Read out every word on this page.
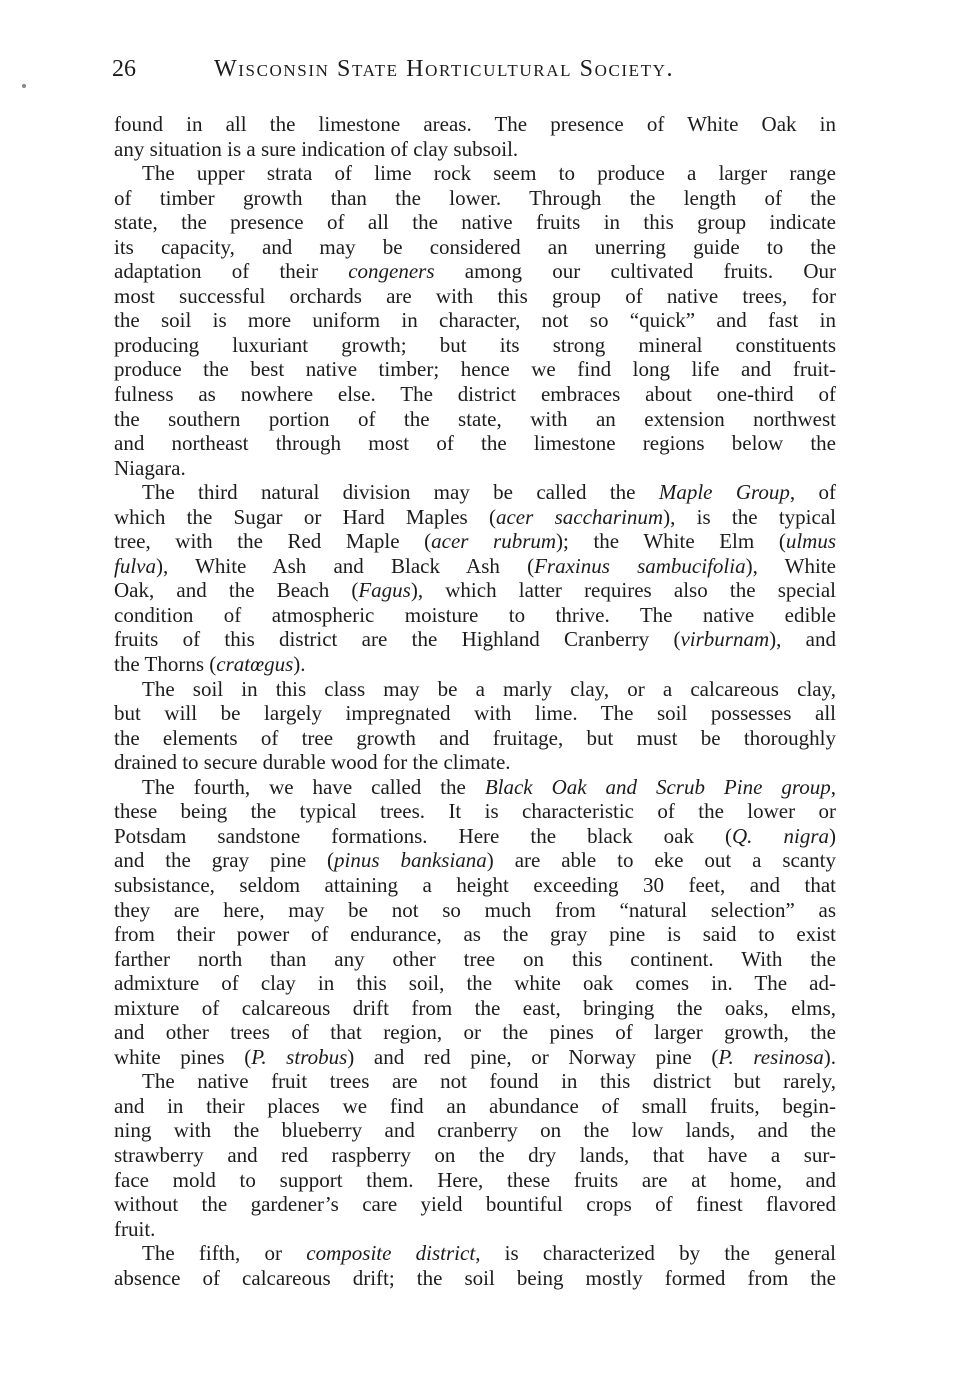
26	Wisconsin State Horticultural Society.
found in all the limestone areas. The presence of White Oak in
any situation is a sure indication of clay subsoil.
The upper strata of lime rock seem to produce a larger range
of timber growth than the lower. Through the length of the
state, the presence of all the native fruits in this group indicate
its capacity, and may be considered an unerring guide to the
adaptation of their congeners among our cultivated fruits. Our
most successful orchards are with this group of native trees, for
the soil is more uniform in character, not so “quick” and fast in
producing luxuriant growth; but its strong mineral constituents
produce the best native timber; hence we find long life and fruit-
fulness as nowhere else. The district embraces about one-third of
the southern portion of the state, with an extension northwest
and northeast through most of the limestone regions below the
Niagara.
The third natural division may be called the Maple Group, of
which the Sugar or Hard Maples (acer saccharinum), is the typical
tree, with the Red Maple (acer rubrum); the White Elm (ulmus
fulva), White Ash and Black Ash (Fraxinus sambucifolia), White
Oak, and the Beach (Fagus), which latter requires also the special
condition of atmospheric moisture to thrive. The native edible
fruits of this district are the Highland Cranberry (virburnam), and
the Thorns (cratœgus).
The soil in this class may be a marly clay, or a calcareous clay,
but will be largely impregnated with lime. The soil possesses all
the elements of tree growth and fruitage, but must be thoroughly
drained to secure durable wood for the climate.
The fourth, we have called the Black Oak and Scrub Pine group,
these being the typical trees. It is characteristic of the lower or
Potsdam sandstone formations. Here the black oak (Q. nigra)
and the gray pine (pinus banksiana) are able to eke out a scanty
subsistance, seldom attaining a height exceeding 30 feet, and that
they are here, may be not so much from “natural selection” as
from their power of endurance, as the gray pine is said to exist
farther north than any other tree on this continent. With the
admixture of clay in this soil, the white oak comes in. The ad-
mixture of calcareous drift from the east, bringing the oaks, elms,
and other trees of that region, or the pines of larger growth, the
white pines (P. strobus) and red pine, or Norway pine (P. resinosa).
The native fruit trees are not found in this district but rarely,
and in their places we find an abundance of small fruits, begin-
ning with the blueberry and cranberry on the low lands, and the
strawberry and red raspberry on the dry lands, that have a sur-
face mold to support them. Here, these fruits are at home, and
without the gardener’s care yield bountiful crops of finest flavored
fruit.
The fifth, or composite district, is characterized by the general
absence of calcareous drift; the soil being mostly formed from the
